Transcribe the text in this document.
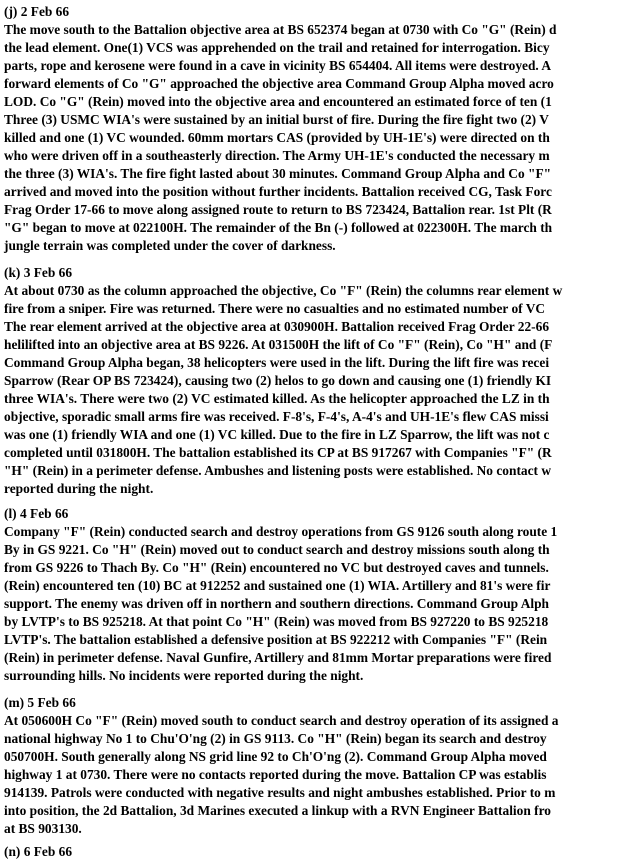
(j) 2 Feb 66
The move south to the Battalion objective area at BS 652374 began at 0730 with Co "G" (Rein) d
the lead element. One(1) VCS was apprehended on the trail and retained for interrogation. Bicy
parts, rope and kerosene were found in a cave in vicinity BS 654404. All items were destroyed. A
forward elements of Co "G" approached the objective area Command Group Alpha moved acro
LOD. Co "G" (Rein) moved into the objective area and encountered an estimated force of ten (1
Three (3) USMC WIA's were sustained by an initial burst of fire. During the fire fight two (2) V
killed and one (1) VC wounded. 60mm mortars CAS (provided by UH-1E's) were directed on th
who were driven off in a southeasterly direction. The Army UH-1E's conducted the necessary m
the three (3) WIA's. The fire fight lasted about 30 minutes. Command Group Alpha and Co "F"
arrived and moved into the position without further incidents. Battalion received CG, Task Forc
Frag Order 17-66 to move along assigned route to return to BS 723424, Battalion rear. 1st Plt (R
"G" began to move at 022100H. The remainder of the Bn (-) followed at 022300H. The march th
jungle terrain was completed under the cover of darkness.
(k) 3 Feb 66
At about 0730 as the column approached the objective, Co "F" (Rein) the columns rear element w
fire from a sniper. Fire was returned. There were no casualties and no estimated number of VC
The rear element arrived at the objective area at 030900H. Battalion received Frag Order 22-66
helilifted into an objective area at BS 9226. At 031500H the lift of Co "F" (Rein), Co "H" and (F
Command Group Alpha began, 38 helicopters were used in the lift. During the lift fire was recei
Sparrow (Rear OP BS 723424), causing two (2) helos to go down and causing one (1) friendly KI
three WIA's. There were two (2) VC estimated killed. As the helicopter approached the LZ in th
objective, sporadic small arms fire was received. F-8's, F-4's, A-4's and UH-1E's flew CAS missi
was one (1) friendly WIA and one (1) VC killed. Due to the fire in LZ Sparrow, the lift was not c
completed until 031800H. The battalion established its CP at BS 917267 with Companies "F" (R
"H" (Rein) in a perimeter defense. Ambushes and listening posts were established. No contact w
reported during the night.
(l) 4 Feb 66
Company "F" (Rein) conducted search and destroy operations from GS 9126 south along route 1
By in GS 9221. Co "H" (Rein) moved out to conduct search and destroy missions south along th
from GS 9226 to Thach By. Co "H" (Rein) encountered no VC but destroyed caves and tunnels.
(Rein) encountered ten (10) BC at 912252 and sustained one (1) WIA. Artillery and 81's were fir
support. The enemy was driven off in northern and southern directions. Command Group Alph
by LVTP's to BS 925218. At that point Co "H" (Rein) was moved from BS 927220 to BS 925218
LVTP's. The battalion established a defensive position at BS 922212 with Companies "F" (Rein
(Rein) in perimeter defense. Naval Gunfire, Artillery and 81mm Mortar preparations were fired
surrounding hills. No incidents were reported during the night.
(m) 5 Feb 66
At 050600H Co "F" (Rein) moved south to conduct search and destroy operation of its assigned a
national highway No 1 to Chu'O'ng (2) in GS 9113. Co "H" (Rein) began its search and destroy
050700H. South generally along NS grid line 92 to Ch'O'ng (2). Command Group Alpha moved
highway 1 at 0730. There were no contacts reported during the move. Battalion CP was establis
914139. Patrols were conducted with negative results and night ambushes established. Prior to m
into position, the 2d Battalion, 3d Marines executed a linkup with a RVN Engineer Battalion fro
at BS 903130.
(n) 6 Feb 66
